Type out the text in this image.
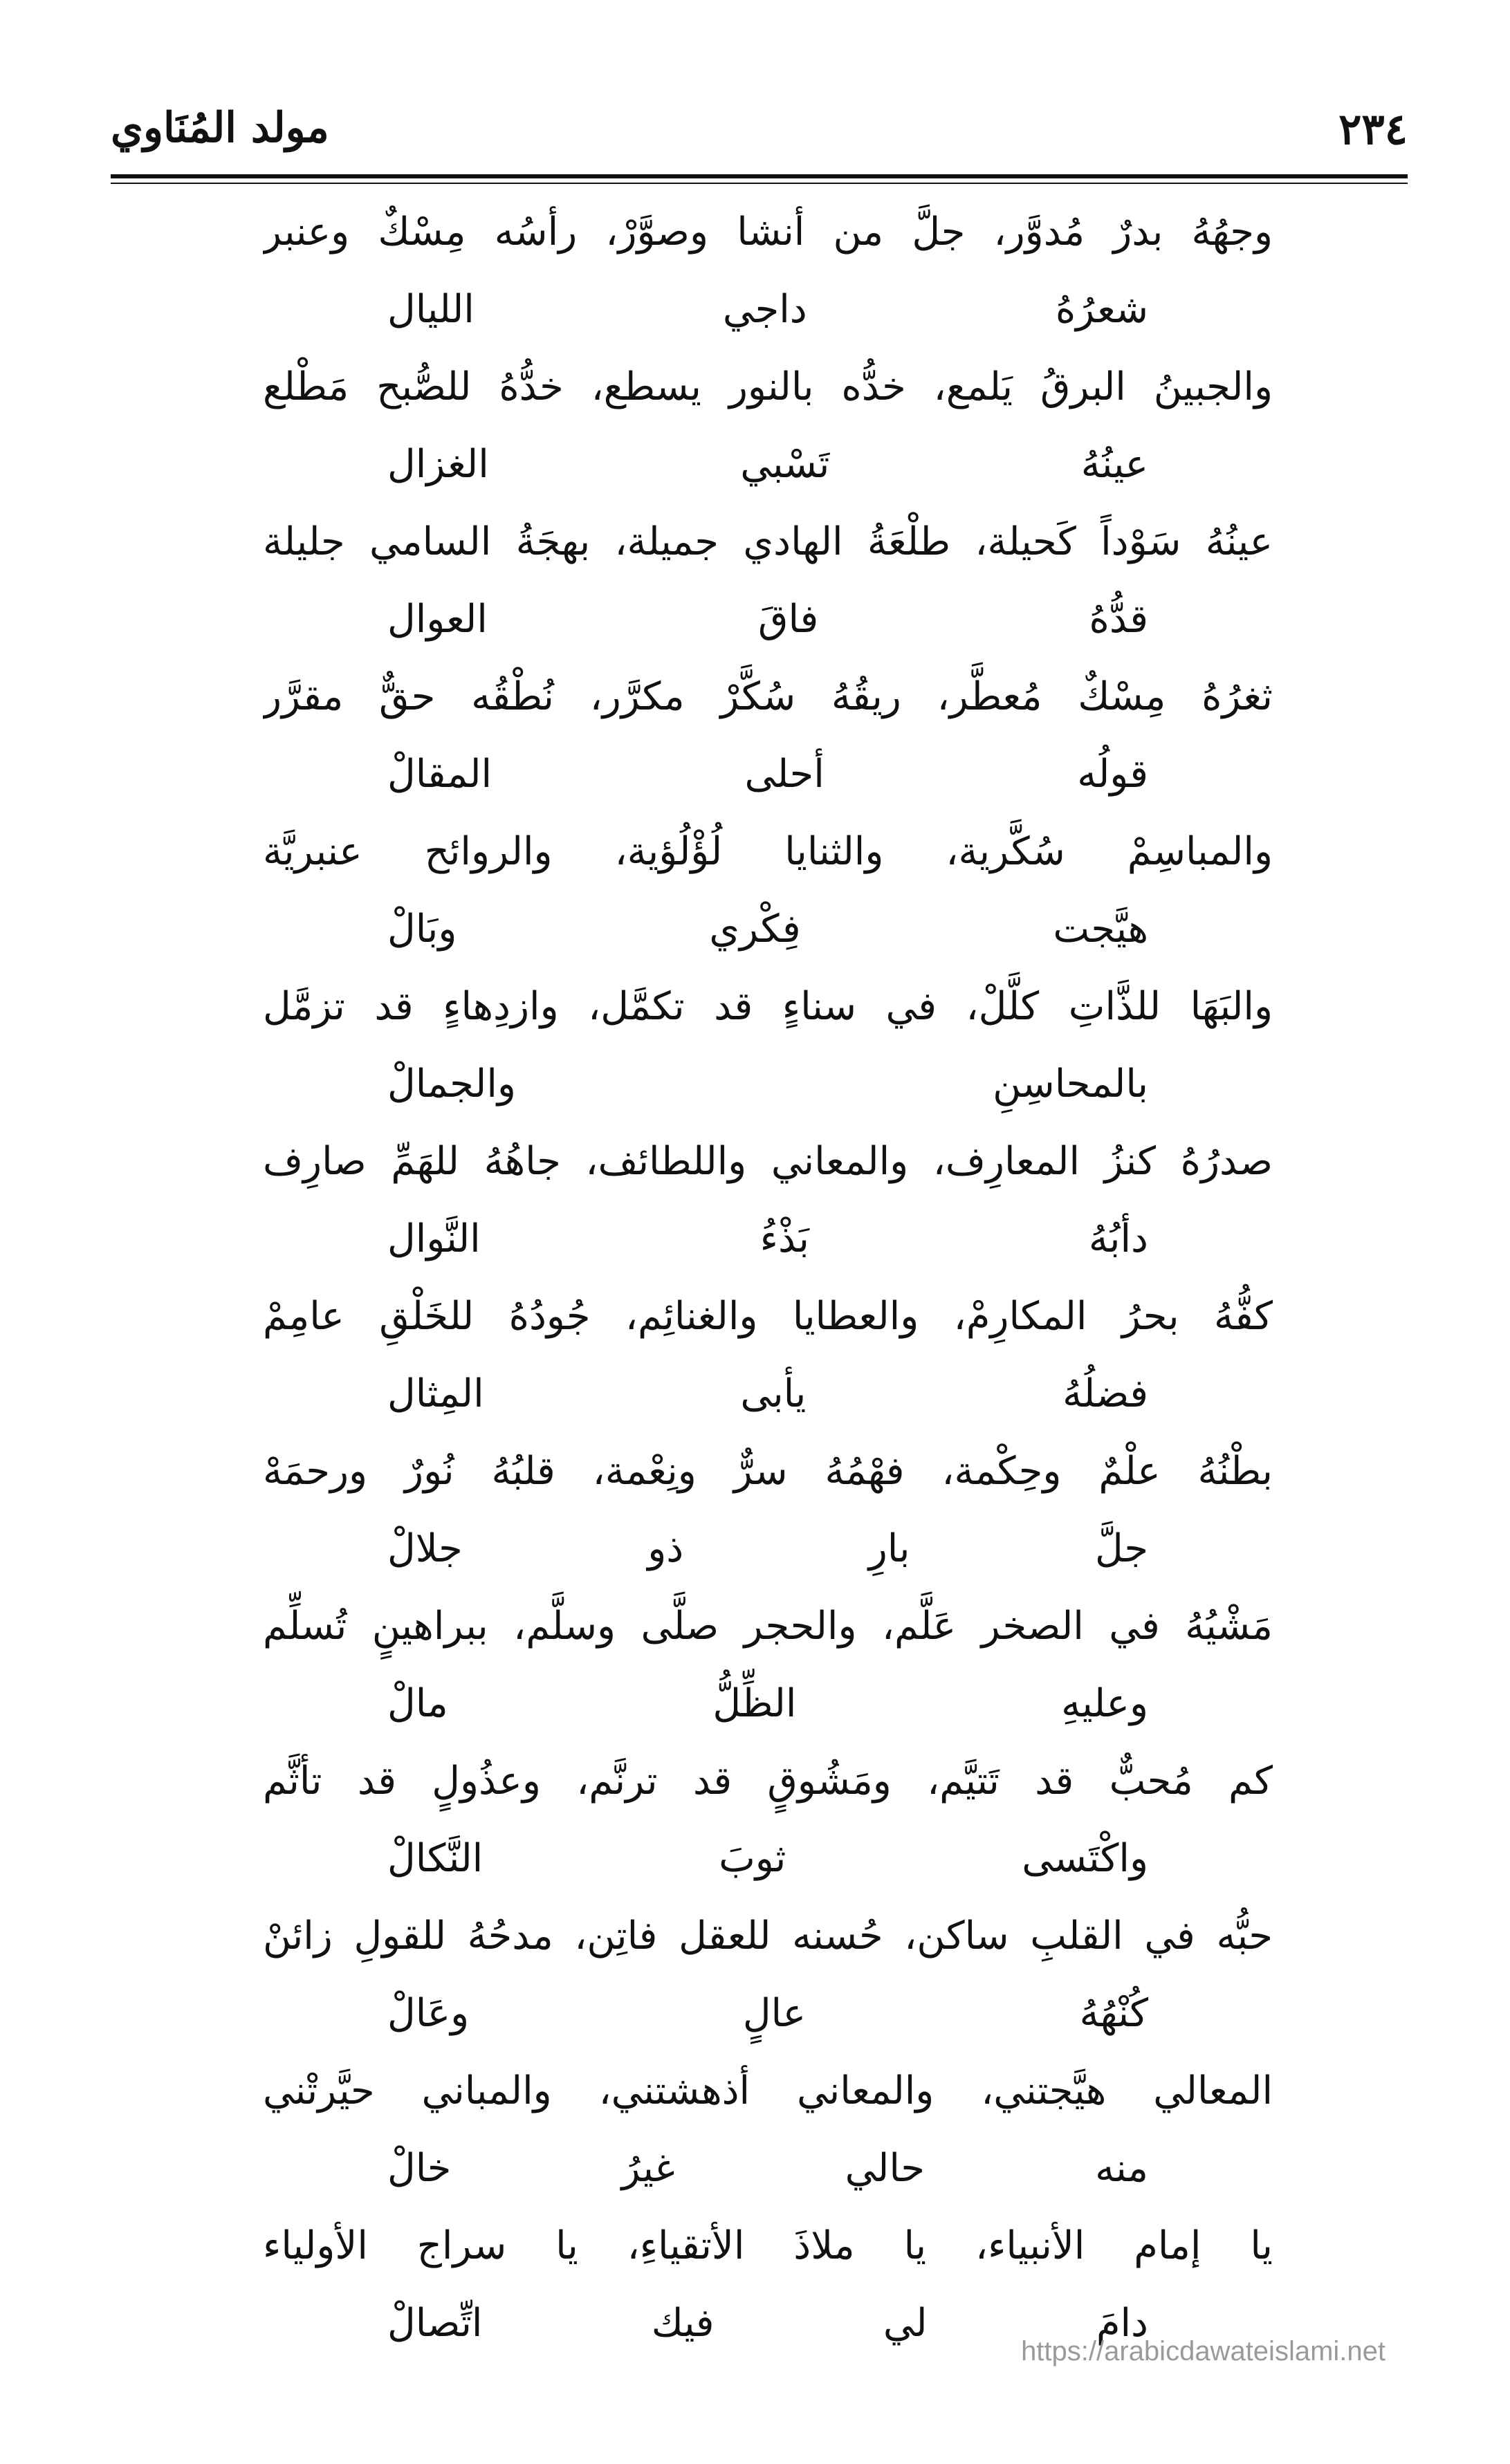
٢٣٤
مولد المُنَاوي
وجهُهُ بدرٌ مُدوَّر، جلَّ من أنشا وصوَّرْ، رأسُه مِسْكٌ وعنبر
شعرُهُ داجي الليال
والجبينُ البرقُ يَلمع، خدُّه بالنور يسطع، خدُّهُ للصُّبح مَطْلع
عينُهُ تَسْبي الغزال
عينُهُ سَوْداً كَحيلة، طلْعَةُ الهادي جميلة، بهجَةُ السامي جليلة
قدُّهُ فاقَ العوال
ثغرُهُ مِسْكٌ مُعطَّر، ريقُهُ سُكَّرْ مكرَّر، نُطْقُه حقٌّ مقرَّر
قولُه أحلى المقالْ
والمباسِمْ سُكَّرية، والثنايا لُؤْلُؤية، والروائح عنبريَّة
هيَّجت فِكْري وبَالْ
والبَهَا للذَّاتِ كلَّلْ، في سناءٍ قد تكمَّل، وازدِهاءٍ قد تزمَّل
بالمحاسِنِ والجمالْ
صدرُهُ كنزُ المعارِف، والمعاني واللطائف، جاهُهُ للهَمِّ صارِف
دأبُهُ بَذْءُ النَّوال
كفُّهُ بحرُ المكارِمْ، والعطايا والغنائِم، جُودُهُ للخَلْقِ عامِمْ
فضلُهُ يأبى المِثال
بطْنُهُ علْمٌ وحِكْمة، فهْمُهُ سرٌّ ونِعْمة، قلبُهُ نُورٌ ورحمَهْ
جلَّ بارِ ذو جلالْ
مَشْيُهُ في الصخر عَلَّم، والحجر صلَّى وسلَّم، ببراهينٍ تُسلِّم
وعليهِ الظِّلُّ مالْ
كم مُحبٌّ قد تَتيَّم، ومَشُوقٍ قد ترنَّم، وعذُولٍ قد تأثَّم
واكْتَسى ثوبَ النَّكالْ
حبُّه في القلبِ ساكن، حُسنه للعقل فاتِن، مدحُهُ للقولِ زائنْ
كُنْهُهُ عالٍ وعَالْ
المعالي هيَّجتني، والمعاني أذهشتني، والمباني حيَّرتْني
منه حالي غيرُ خالْ
يا إمام الأنبياء، يا ملاذَ الأتقياءِ، يا سراج الأولياء
دامَ لي فيك اتِّصالْ
https://arabicdawateislami.net
